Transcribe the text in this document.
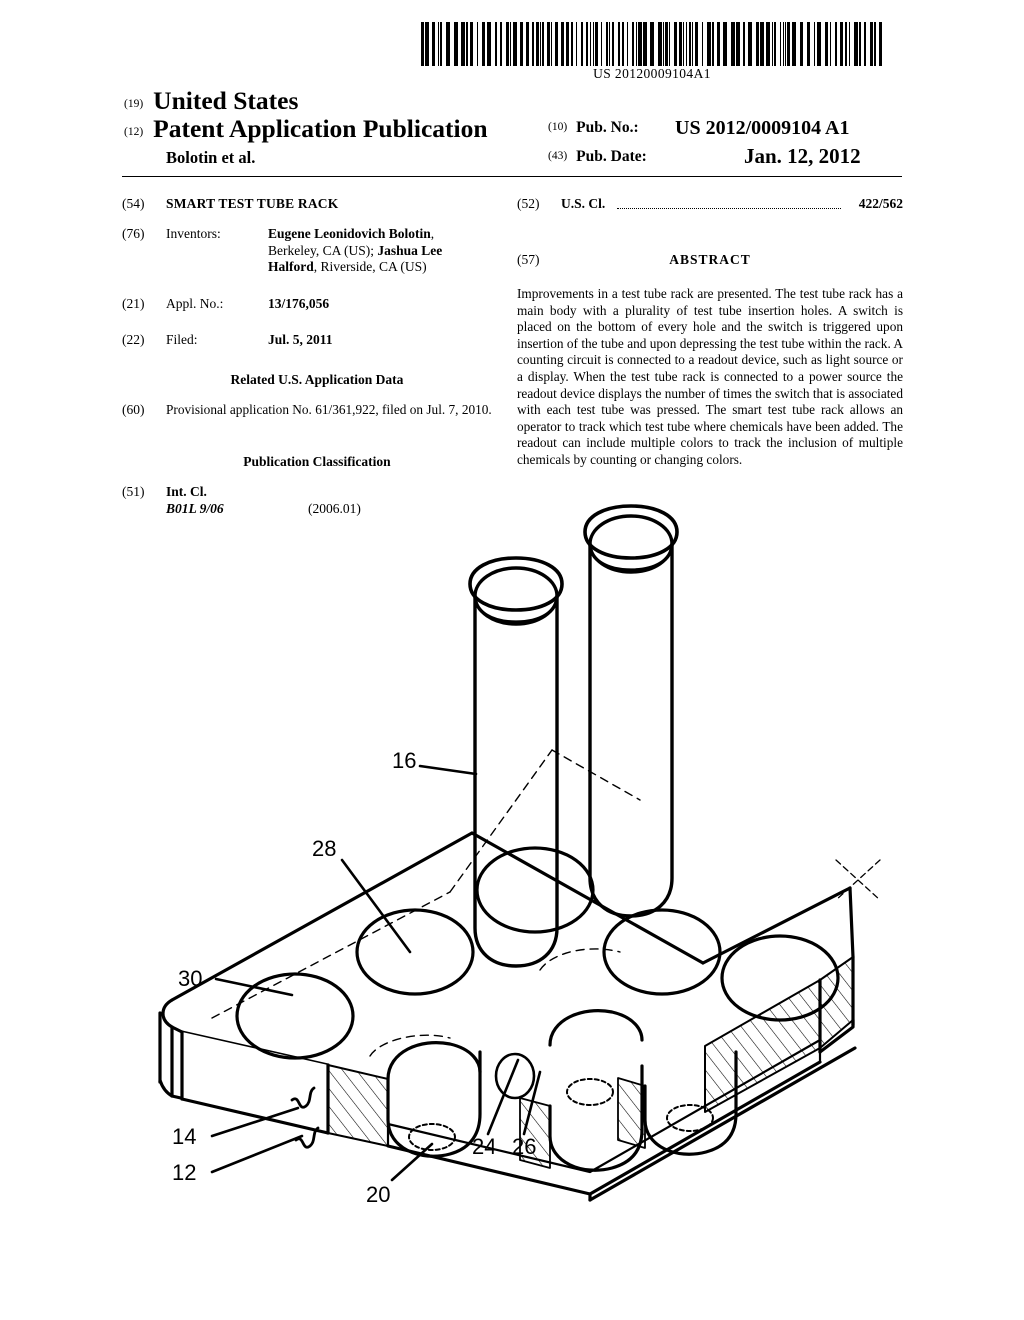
US 20120009104A1
(19) United States
(12) Patent Application Publication
Bolotin et al.
(10) Pub. No.: US 2012/0009104 A1
(43) Pub. Date:	Jan. 12, 2012
(54) SMART TEST TUBE RACK
(76) Inventors:	Eugene Leonidovich Bolotin,
Berkeley, CA (US); Jashua Lee
Halford, Riverside, CA (US)
(21) Appl. No.:	13/176,056
(22) Filed:	Jul. 5, 2011
Related U.S. Application Data
(60) Provisional application No. 61/361,922, filed on Jul. 7, 2010.
Publication Classification
(51) Int. Cl.
B01L 9/06	(2006.01)
(52) U.S. Cl.	422/562
(57)	ABSTRACT
Improvements in a test tube rack are presented. The test tube rack has a main body with a plurality of test tube insertion holes. A switch is placed on the bottom of every hole and the switch is triggered upon insertion of the tube and upon depressing the test tube within the rack. A counting circuit is connected to a readout device, such as light source or a display. When the test tube rack is connected to a power source the readout device displays the number of times the switch that is associated with each test tube was pressed. The smart test tube rack allows an operator to track which test tube where chemicals have been added. The readout can include multiple colors to track the inclusion of multiple chemicals by counting or changing colors.
16
28
30
14
12
20
24 26
